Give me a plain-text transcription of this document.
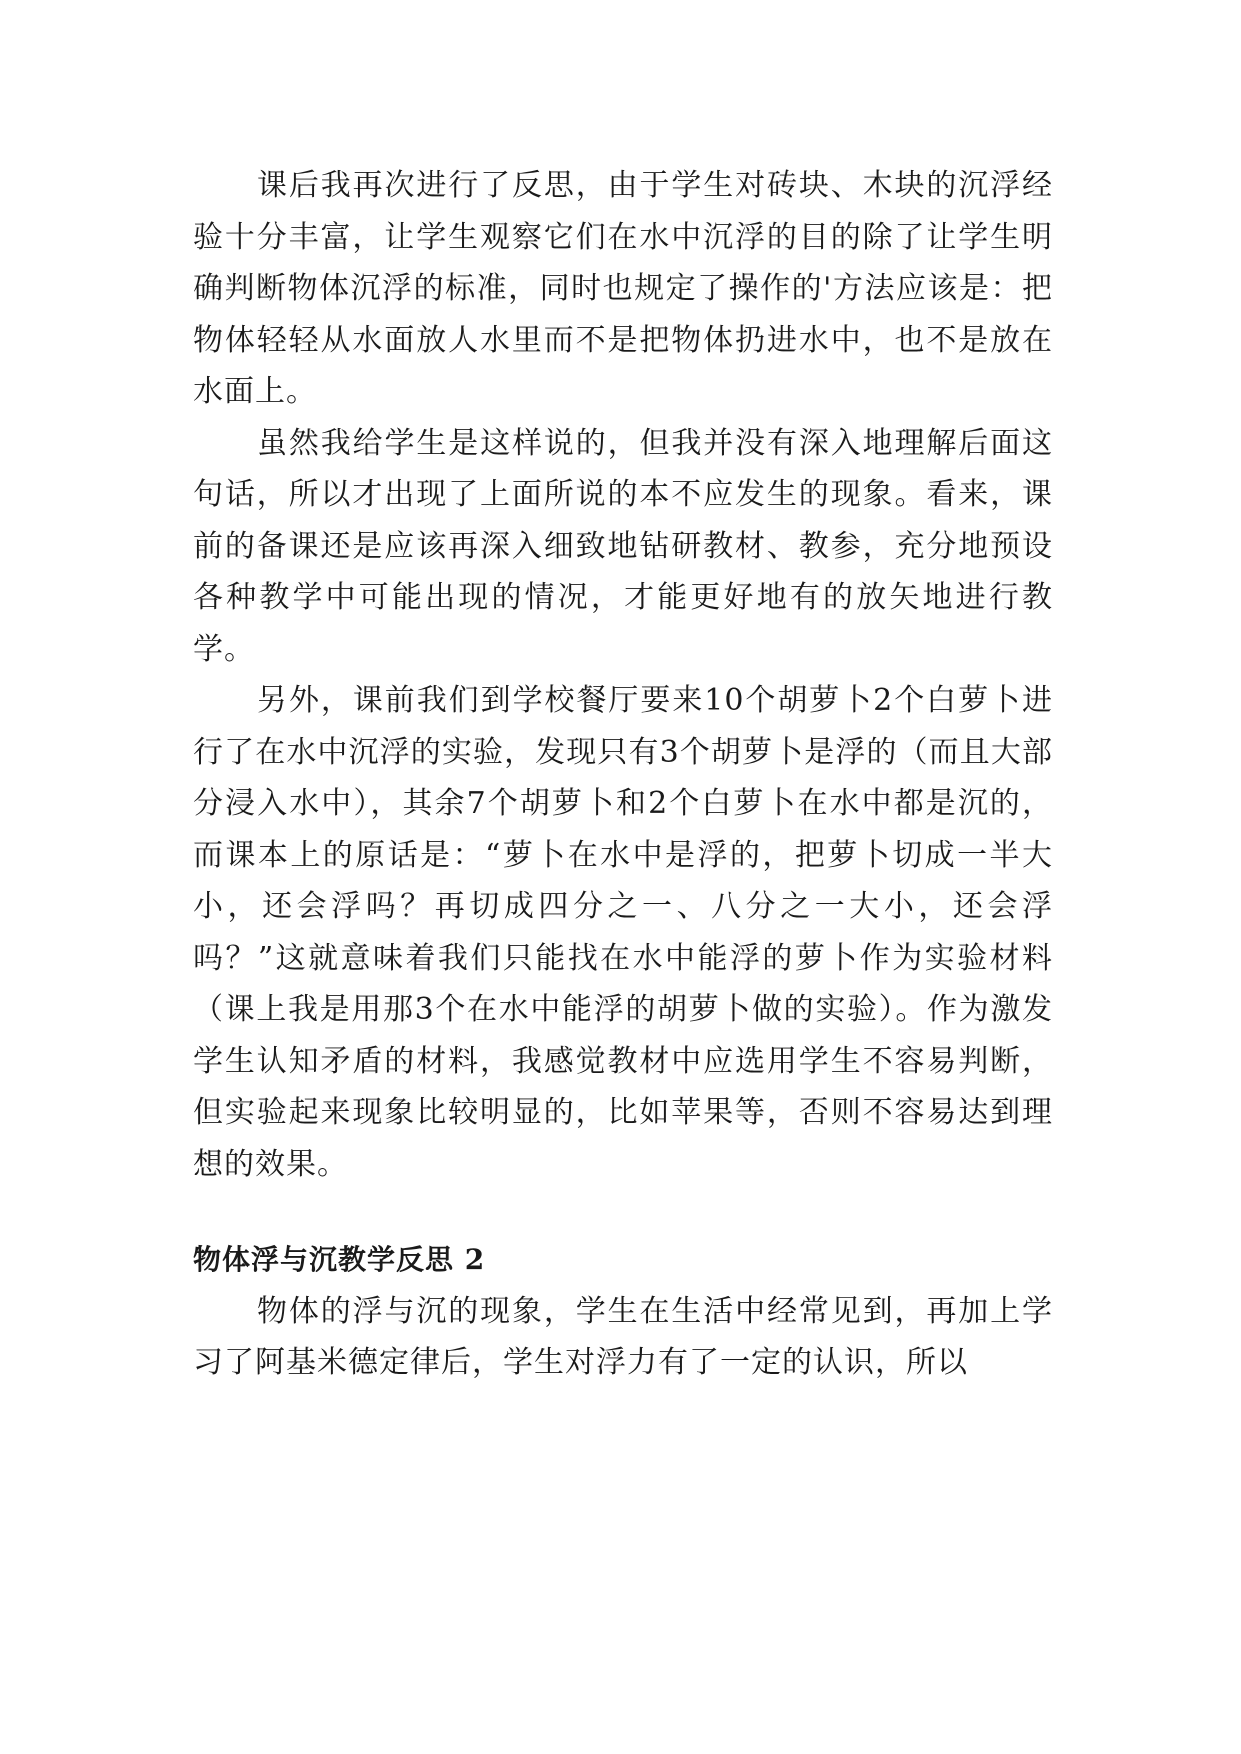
课后我再次进行了反思，由于学生对砖块、木块的沉浮经验十分丰富，让学生观察它们在水中沉浮的目的除了让学生明确判断物体沉浮的标准，同时也规定了操作的'方法应该是：把物体轻轻从水面放人水里而不是把物体扔进水中，也不是放在水面上。

虽然我给学生是这样说的，但我并没有深入地理解后面这句话，所以才出现了上面所说的本不应发生的现象。看来，课前的备课还是应该再深入细致地钻研教材、教参，充分地预设各种教学中可能出现的情况，才能更好地有的放矢地进行教学。

另外，课前我们到学校餐厅要来10个胡萝卜2个白萝卜进行了在水中沉浮的实验，发现只有3个胡萝卜是浮的（而且大部分浸入水中），其余7个胡萝卜和2个白萝卜在水中都是沉的，而课本上的原话是：“萝卜在水中是浮的，把萝卜切成一半大小，还会浮吗？再切成四分之一、八分之一大小，还会浮吗？”这就意味着我们只能找在水中能浮的萝卜作为实验材料（课上我是用那3个在水中能浮的胡萝卜做的实验）。作为激发学生认知矛盾的材料，我感觉教材中应选用学生不容易判断，但实验起来现象比较明显的，比如苹果等，否则不容易达到理想的效果。

物体浮与沉教学反思 2

物体的浮与沉的现象，学生在生活中经常见到，再加上学习了阿基米德定律后，学生对浮力有了一定的认识，所以
